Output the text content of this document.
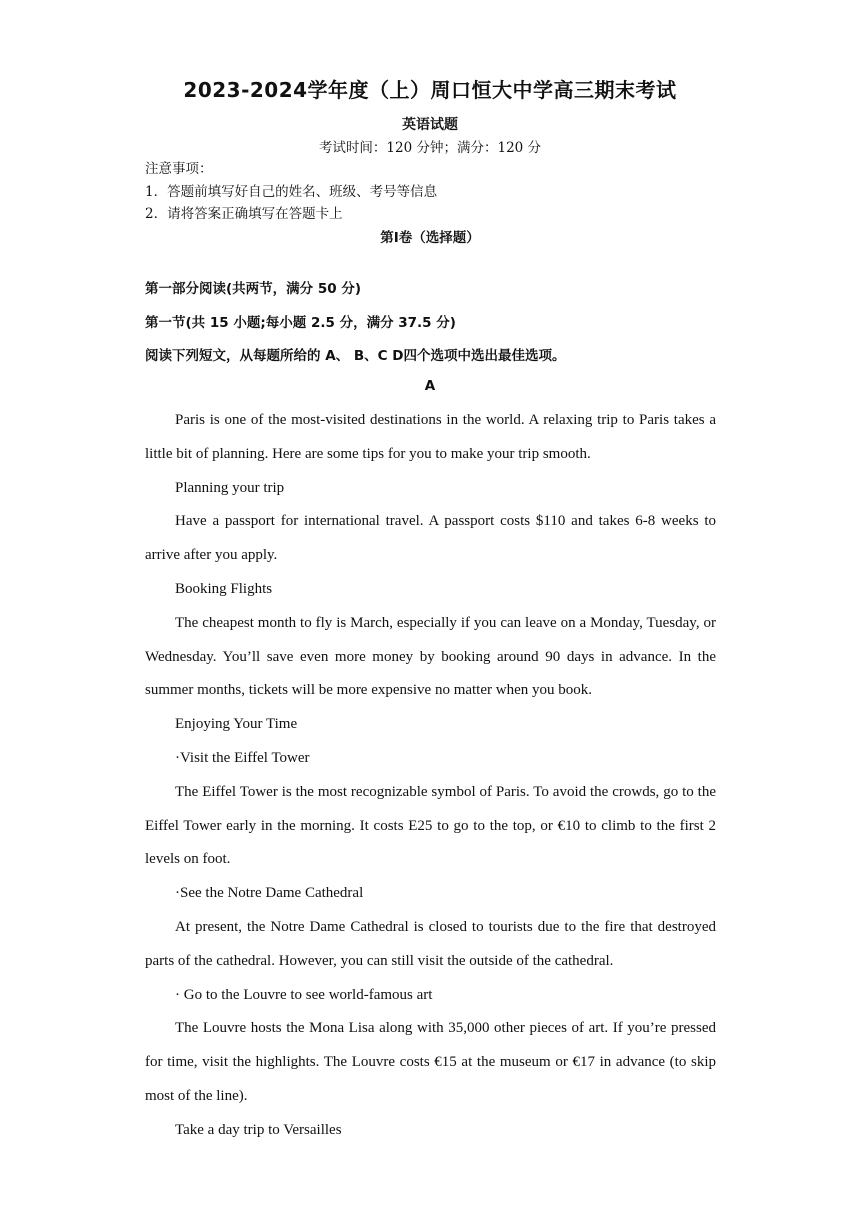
2023-2024学年度（上）周口恒大中学高三期末考试
英语试题
考试时间：120 分钟；满分：120 分
注意事项：
1．答题前填写好自己的姓名、班级、考号等信息
2．请将答案正确填写在答题卡上
第Ⅰ卷（选择题）
第一部分阅读(共两节，满分 50 分)
第一节(共 15 小题;每小题 2.5 分，满分 37.5 分)
阅读下列短文，从每题所给的 A、 B、C D四个选项中选出最佳选项。
A

Paris is one of the most-visited destinations in the world. A relaxing trip to Paris takes a little bit of planning. Here are some tips for you to make your trip smooth.

Planning your trip

Have a passport for international travel. A passport costs $110 and takes 6-8 weeks to arrive after you apply.

Booking Flights

The cheapest month to fly is March, especially if you can leave on a Monday, Tuesday, or Wednesday. You’ll save even more money by booking around 90 days in advance. In the summer months, tickets will be more expensive no matter when you book.

Enjoying Your Time

·Visit the Eiffel Tower

The Eiffel Tower is the most recognizable symbol of Paris. To avoid the crowds, go to the Eiffel Tower early in the morning. It costs E25 to go to the top, or €10 to climb to the first 2 levels on foot.

·See the Notre Dame Cathedral

At present, the Notre Dame Cathedral is closed to tourists due to the fire that destroyed parts of the cathedral. However, you can still visit the outside of the cathedral.

· Go to the Louvre to see world-famous art

The Louvre hosts the Mona Lisa along with 35,000 other pieces of art. If you’re pressed for time, visit the highlights. The Louvre costs €15 at the museum or €17 in advance (to skip most of the line).

Take a day trip to Versailles
